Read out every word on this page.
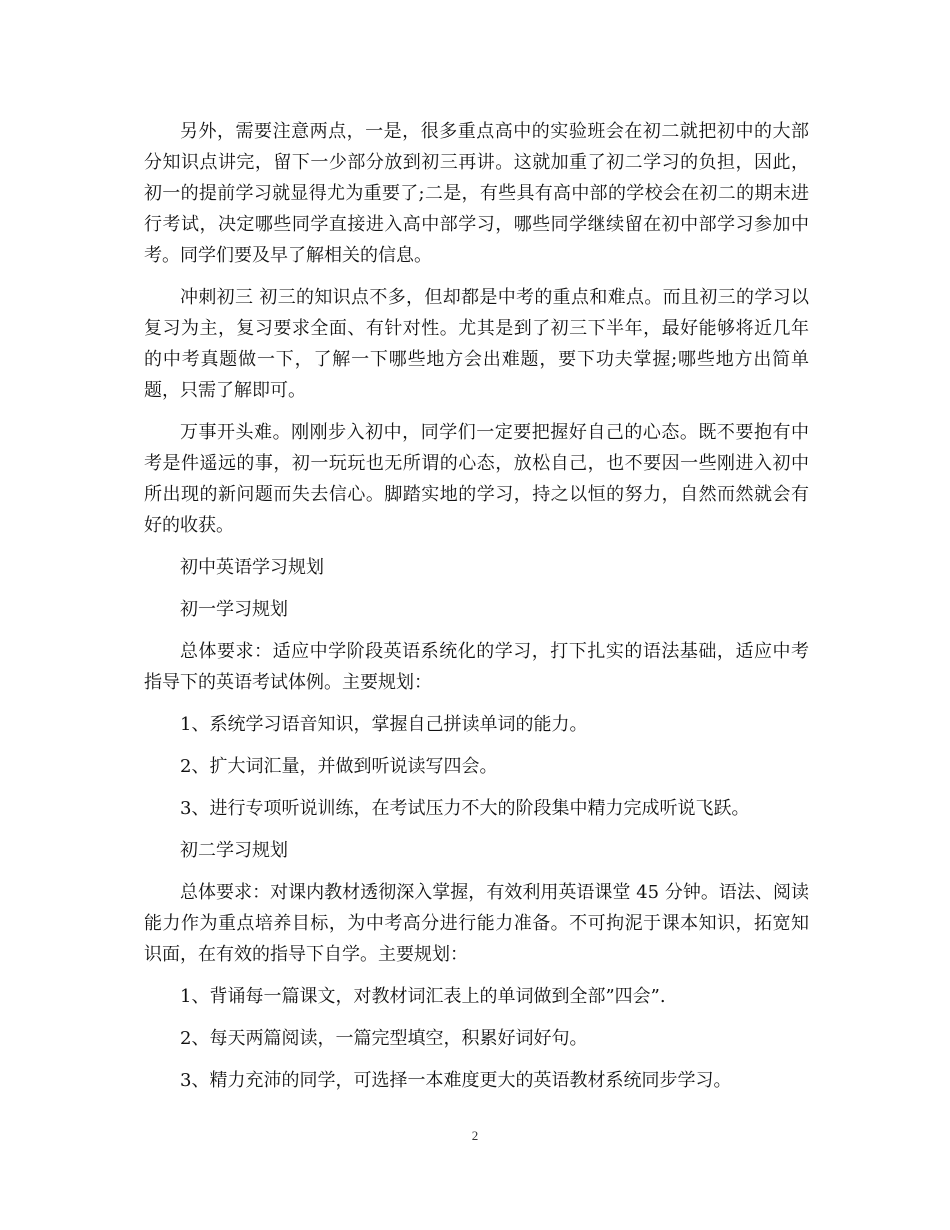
另外，需要注意两点，一是，很多重点高中的实验班会在初二就把初中的大部分知识点讲完，留下一少部分放到初三再讲。这就加重了初二学习的负担，因此，初一的提前学习就显得尤为重要了;二是，有些具有高中部的学校会在初二的期末进行考试，决定哪些同学直接进入高中部学习，哪些同学继续留在初中部学习参加中考。同学们要及早了解相关的信息。

冲刺初三 初三的知识点不多，但却都是中考的重点和难点。而且初三的学习以复习为主，复习要求全面、有针对性。尤其是到了初三下半年，最好能够将近几年的中考真题做一下，了解一下哪些地方会出难题，要下功夫掌握;哪些地方出简单题，只需了解即可。

万事开头难。刚刚步入初中，同学们一定要把握好自己的心态。既不要抱有中考是件遥远的事，初一玩玩也无所谓的心态，放松自己，也不要因一些刚进入初中所出现的新问题而失去信心。脚踏实地的学习，持之以恒的努力，自然而然就会有好的收获。

初中英语学习规划

初一学习规划

总体要求：适应中学阶段英语系统化的学习，打下扎实的语法基础，适应中考指导下的英语考试体例。主要规划：

1、系统学习语音知识，掌握自己拼读单词的能力。

2、扩大词汇量，并做到听说读写四会。

3、进行专项听说训练，在考试压力不大的阶段集中精力完成听说飞跃。

初二学习规划

总体要求：对课内教材透彻深入掌握，有效利用英语课堂 45 分钟。语法、阅读能力作为重点培养目标，为中考高分进行能力准备。不可拘泥于课本知识，拓宽知识面，在有效的指导下自学。主要规划：

1、背诵每一篇课文，对教材词汇表上的单词做到全部”四会”.

2、每天两篇阅读，一篇完型填空，积累好词好句。

3、精力充沛的同学，可选择一本难度更大的英语教材系统同步学习。

2
